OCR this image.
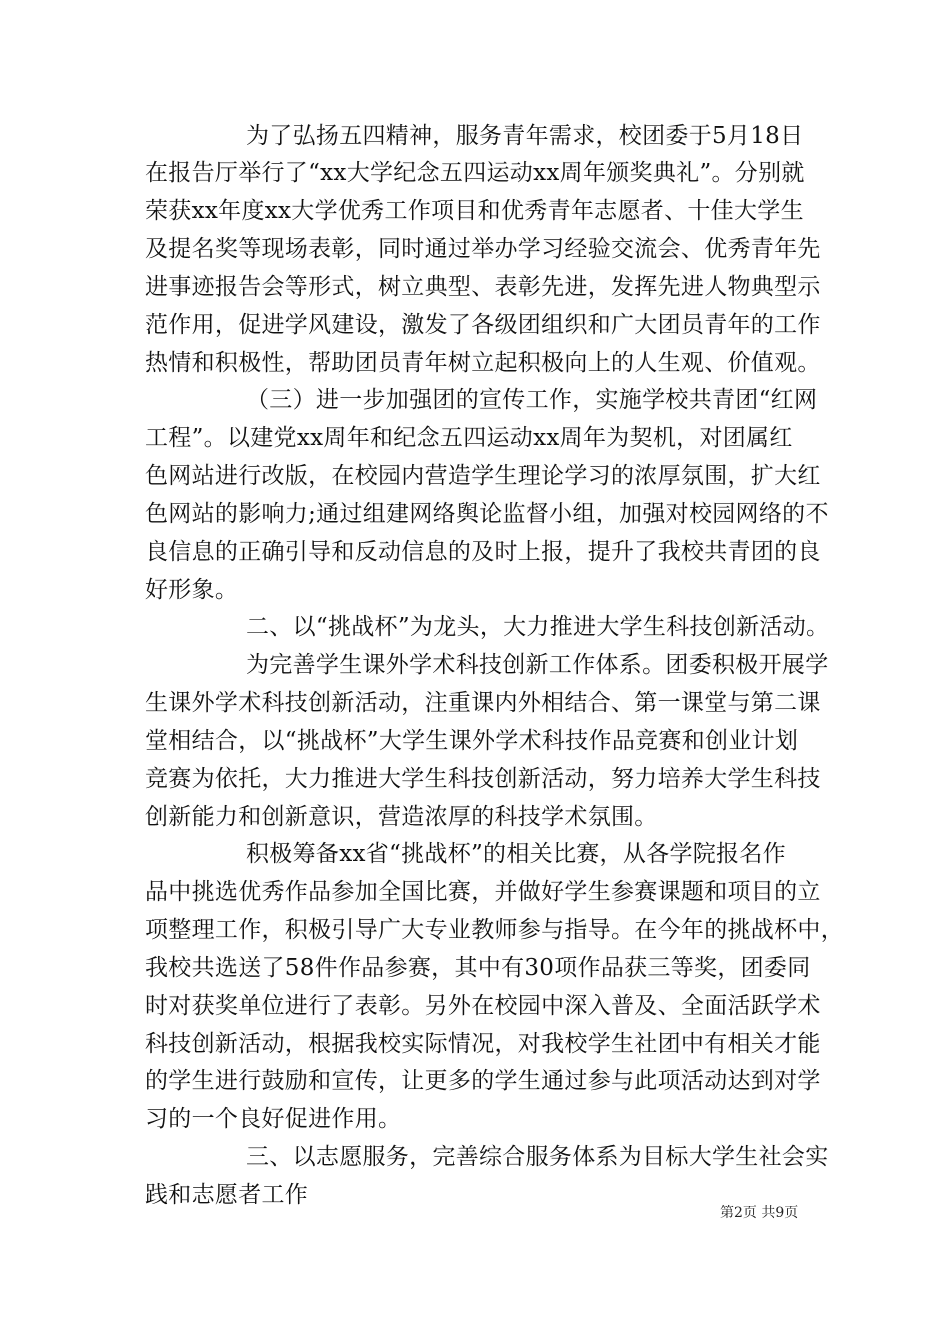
为了弘扬五四精神，服务青年需求，校团委于5月18日
在报告厅举行了“xx大学纪念五四运动xx周年颁奖典礼”。分别就
荣获xx年度xx大学优秀工作项目和优秀青年志愿者、十佳大学生
及提名奖等现场表彰，同时通过举办学习经验交流会、优秀青年先
进事迹报告会等形式，树立典型、表彰先进，发挥先进人物典型示
范作用，促进学风建设，激发了各级团组织和广大团员青年的工作
热情和积极性，帮助团员青年树立起积极向上的人生观、价值观。
（三）进一步加强团的宣传工作，实施学校共青团“红网
工程”。以建党xx周年和纪念五四运动xx周年为契机，对团属红
色网站进行改版，在校园内营造学生理论学习的浓厚氛围，扩大红
色网站的影响力;通过组建网络舆论监督小组，加强对校园网络的不
良信息的正确引导和反动信息的及时上报，提升了我校共青团的良
好形象。
二、以“挑战杯”为龙头，大力推进大学生科技创新活动。
为完善学生课外学术科技创新工作体系。团委积极开展学
生课外学术科技创新活动，注重课内外相结合、第一课堂与第二课
堂相结合，以“挑战杯”大学生课外学术科技作品竞赛和创业计划
竞赛为依托，大力推进大学生科技创新活动，努力培养大学生科技
创新能力和创新意识，营造浓厚的科技学术氛围。
积极筹备xx省“挑战杯”的相关比赛，从各学院报名作
品中挑选优秀作品参加全国比赛，并做好学生参赛课题和项目的立
项整理工作，积极引导广大专业教师参与指导。在今年的挑战杯中，
我校共选送了58件作品参赛，其中有30项作品获三等奖，团委同
时对获奖单位进行了表彰。另外在校园中深入普及、全面活跃学术
科技创新活动，根据我校实际情况，对我校学生社团中有相关才能
的学生进行鼓励和宣传，让更多的学生通过参与此项活动达到对学
习的一个良好促进作用。
三、以志愿服务，完善综合服务体系为目标大学生社会实
践和志愿者工作
第2页 共9页
